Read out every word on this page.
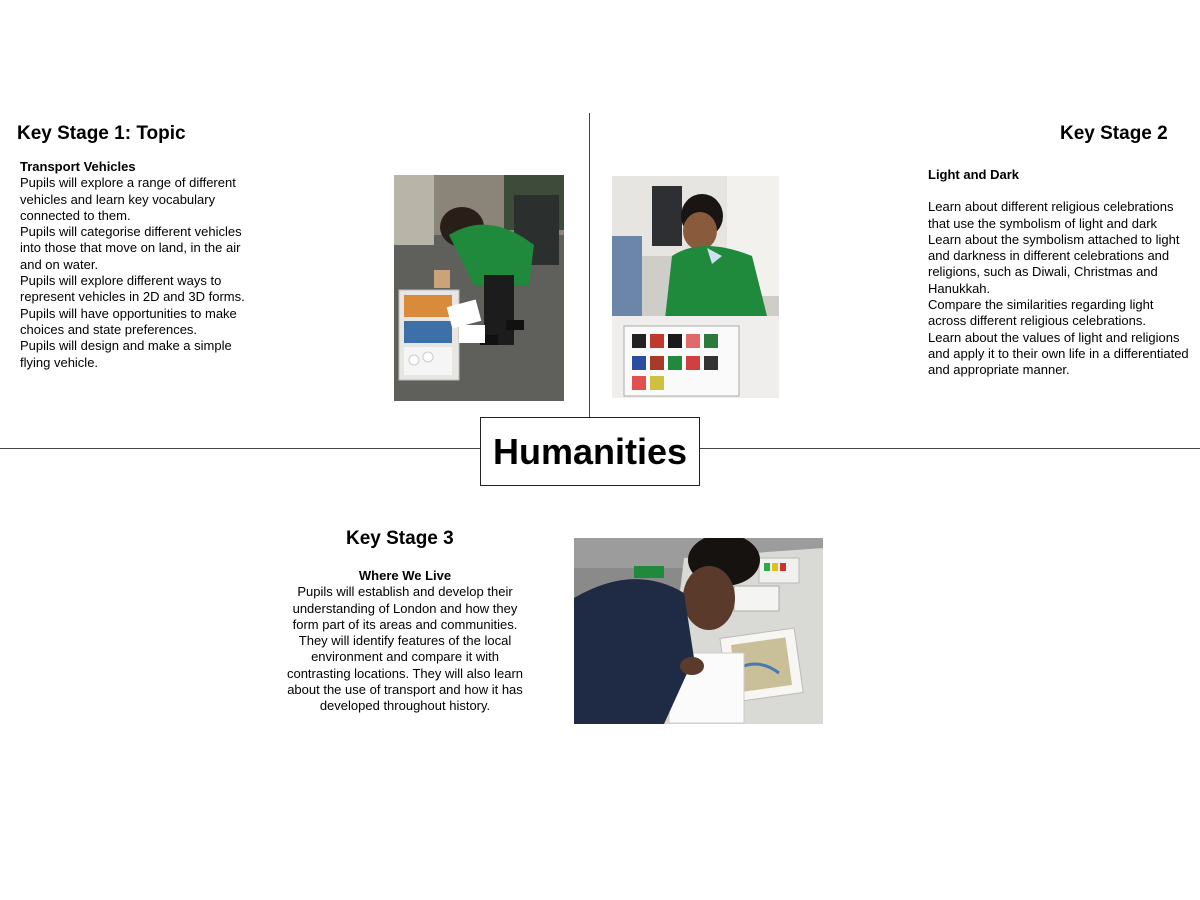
Humanities
Key Stage 1: Topic
Transport Vehicles

Pupils will explore a range of different vehicles and learn key vocabulary connected to them.

Pupils will categorise different vehicles into those that move on land, in the air and on water.

Pupils will explore different ways to represent vehicles in 2D and 3D forms.

Pupils will have opportunities to make choices and state preferences.

Pupils will design and make a simple flying vehicle.

Key Stage 2
Light and Dark

Learn about different religious celebrations that use the symbolism of light and dark

Learn about the symbolism attached to light and darkness in different celebrations and religions, such as Diwali, Christmas and Hanukkah.

Compare the similarities regarding light across different religious celebrations.

Learn about the values of light and religions and apply it to their own life in a differentiated and appropriate manner.

Key Stage 3
Where We Live

Pupils will establish and develop their understanding of London and how they form part of its areas and communities. They will identify features of the local environment and compare it with contrasting locations. They will also learn about the use of transport and how it has developed throughout history.
